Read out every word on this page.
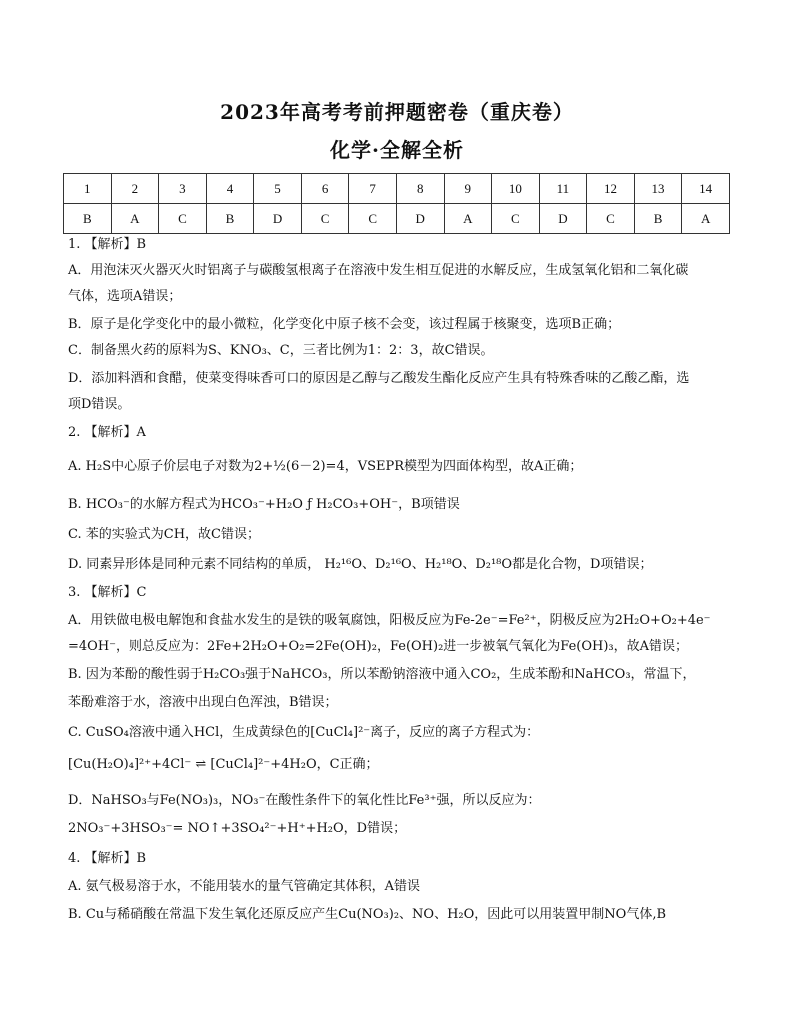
2023年高考考前押题密卷（重庆卷）
化学·全解全析
1	2	3	4	5	6	7	8	9	10	11	12	13	14
B	A	C	B	D	C	C	D	A	C	D	C	B	A
1. 【解析】B
A．用泡沫灭火器灭火时铝离子与碳酸氢根离子在溶液中发生相互促进的水解反应，生成氢氧化铝和二氧化碳
气体，选项A错误；
B．原子是化学变化中的最小微粒，化学变化中原子核不会变，该过程属于核聚变，选项B正确；
C．制备黑火药的原料为S、KNO₃、C，三者比例为1：2：3，故C错误。
D．添加料酒和食醋，使菜变得味香可口的原因是乙醇与乙酸发生酯化反应产生具有特殊香味的乙酸乙酯，选
项D错误。
2. 【解析】A
A. H₂S中心原子价层电子对数为2+½(6－2)=4，VSEPR模型为四面体构型，故A正确；
B. HCO₃⁻的水解方程式为HCO₃⁻+H₂O ƒ H₂CO₃+OH⁻，B项错误
C. 苯的实验式为CH，故C错误；
D. 同素异形体是同种元素不同结构的单质， H₂¹⁶O、D₂¹⁶O、H₂¹⁸O、D₂¹⁸O都是化合物，D项错误；
3. 【解析】C
A．用铁做电极电解饱和食盐水发生的是铁的吸氧腐蚀，阳极反应为Fe-2e⁻=Fe²⁺，阴极反应为2H₂O+O₂+4e⁻
=4OH⁻，则总反应为：2Fe+2H₂O+O₂=2Fe(OH)₂，Fe(OH)₂进一步被氧气氧化为Fe(OH)₃，故A错误；
B. 因为苯酚的酸性弱于H₂CO₃强于NaHCO₃，所以苯酚钠溶液中通入CO₂，生成苯酚和NaHCO₃，常温下，
苯酚难溶于水，溶液中出现白色浑浊，B错误；
C. CuSO₄溶液中通入HCl，生成黄绿色的[CuCl₄]²⁻离子，反应的离子方程式为：
[Cu(H₂O)₄]²⁺+4Cl⁻ ⇌ [CuCl₄]²⁻+4H₂O，C正确；
D．NaHSO₃与Fe(NO₃)₃，NO₃⁻在酸性条件下的氧化性比Fe³⁺强，所以反应为：
2NO₃⁻+3HSO₃⁻= NO↑+3SO₄²⁻+H⁺+H₂O，D错误；
4. 【解析】B
A. 氨气极易溶于水，不能用装水的量气管确定其体积，A错误
B. Cu与稀硝酸在常温下发生氧化还原反应产生Cu(NO₃)₂、NO、H₂O，因此可以用装置甲制NO气体,B
